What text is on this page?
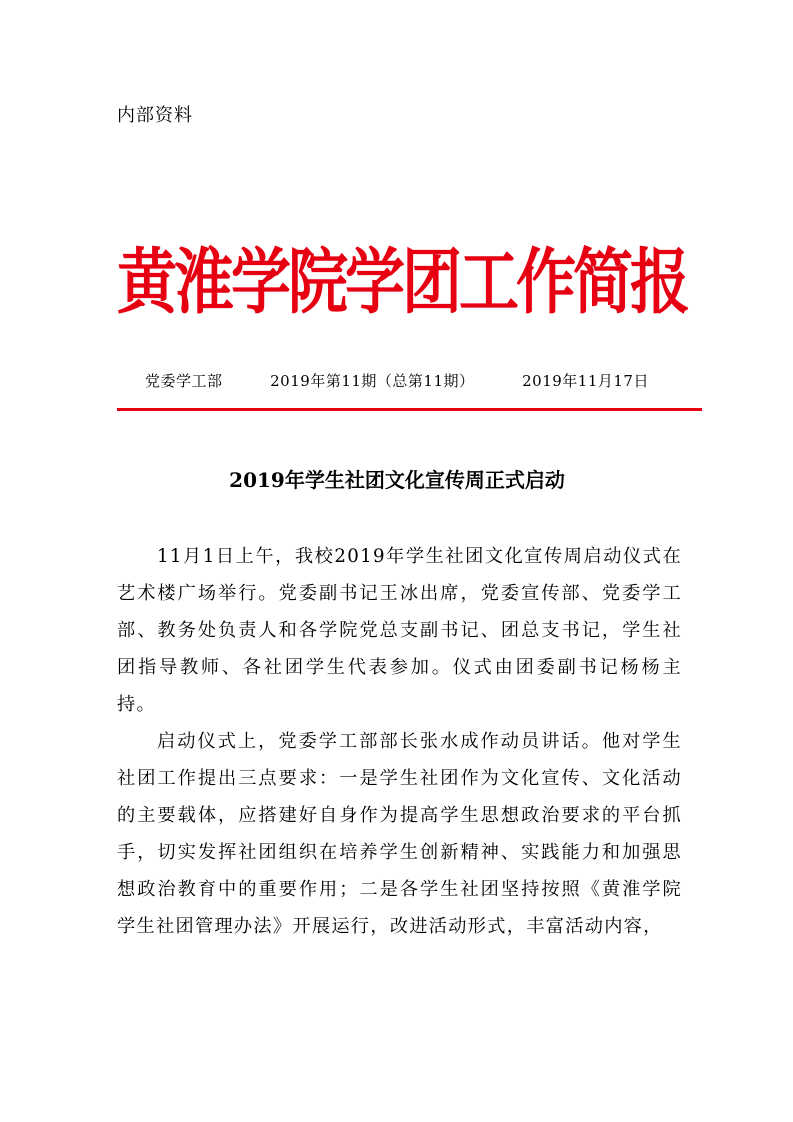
内部资料
黄淮学院学团工作简报
党委学工部	2019年第11期（总第11期）	2019年11月17日
2019年学生社团文化宣传周正式启动

11月1日上午，我校2019年学生社团文化宣传周启动仪式在艺术楼广场举行。党委副书记王冰出席，党委宣传部、党委学工部、教务处负责人和各学院党总支副书记、团总支书记，学生社团指导教师、各社团学生代表参加。仪式由团委副书记杨杨主持。

启动仪式上，党委学工部部长张水成作动员讲话。他对学生社团工作提出三点要求：一是学生社团作为文化宣传、文化活动的主要载体，应搭建好自身作为提高学生思想政治要求的平台抓手，切实发挥社团组织在培养学生创新精神、实践能力和加强思想政治教育中的重要作用；二是各学生社团坚持按照《黄淮学院学生社团管理办法》开展运行，改进活动形式，丰富活动内容，
